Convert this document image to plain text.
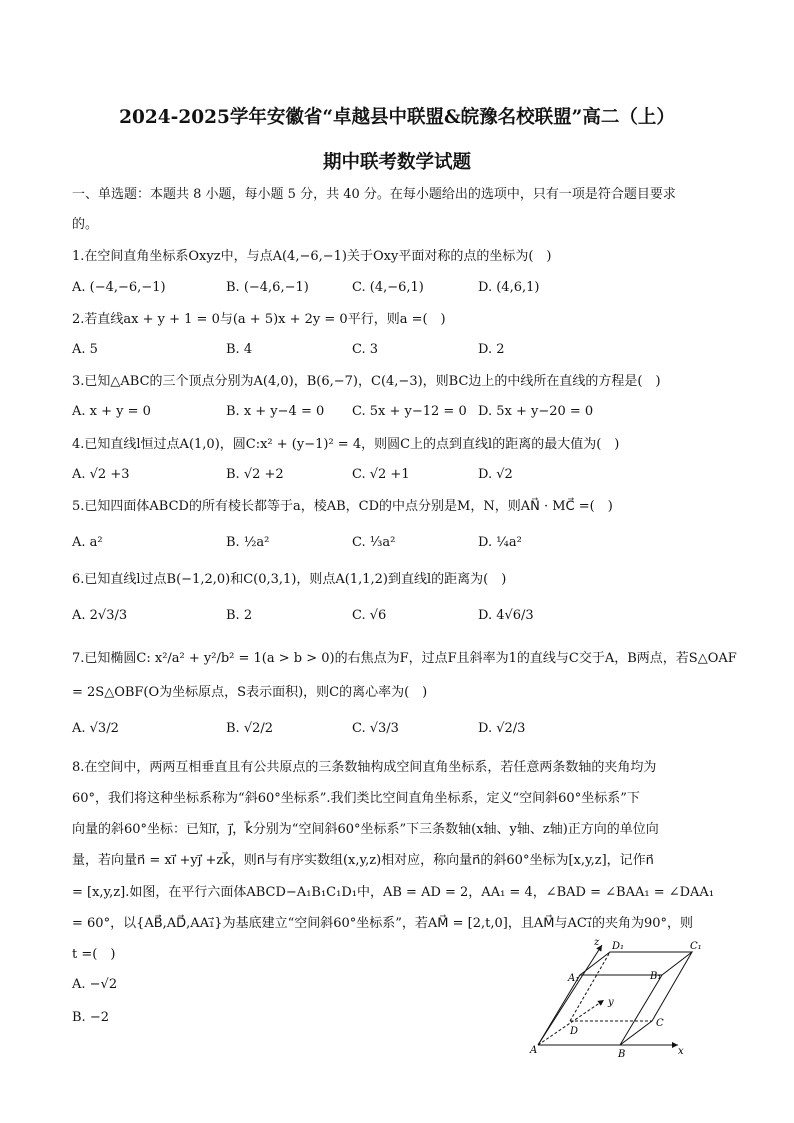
2024-2025学年安徽省“卓越县中联盟&皖豫名校联盟”高二（上）
期中联考数学试题
一、单选题：本题共 8 小题，每小题 5 分，共 40 分。在每小题给出的选项中，只有一项是符合题目要求
的。
1.在空间直角坐标系Oxyz中，与点A(4,−6,−1)关于Oxy平面对称的点的坐标为(　)
A. (−4,−6,−1)	B. (−4,6,−1)	C. (4,−6,1)	D. (4,6,1)
2.若直线ax + y + 1 = 0与(a + 5)x + 2y = 0平行，则a =(　)
A. 5	B. 4	C. 3	D. 2
3.已知△ABC的三个顶点分别为A(4,0)，B(6,−7)，C(4,−3)，则BC边上的中线所在直线的方程是(　)
A. x + y = 0	B. x + y−4 = 0 C. 5x + y−12 = 0 D. 5x + y−20 = 0
4.已知直线l恒过点A(1,0)，圆C:x² + (y−1)² = 4，则圆C上的点到直线l的距离的最大值为(　)
A. √2 +3	B. √2 +2	C. √2 +1	D. √2
5.已知四面体ABCD的所有棱长都等于a，棱AB，CD的中点分别是M，N，则AN⃗ · MC⃗ =(　)
A. a²	B. ½a²	C. ⅓a²	D. ¼a²
6.已知直线l过点B(−1,2,0)和C(0,3,1)，则点A(1,1,2)到直线l的距离为(　)
A. 2√3/3	B. 2	C. √6	D. 4√6/3
7.已知椭圆C: x²/a² + y²/b² = 1(a > b > 0)的右焦点为F，过点F且斜率为1的直线与C交于A，B两点，若S△OAF
= 2S△OBF(O为坐标原点，S表示面积)，则C的离心率为(　)
A. √3/2	B. √2/2	C. √3/3	D. √2/3
8.在空间中，两两互相垂直且有公共原点的三条数轴构成空间直角坐标系，若任意两条数轴的夹角均为
60°，我们将这种坐标系称为“斜60°坐标系”.我们类比空间直角坐标系，定义“空间斜60°坐标系”下
向量的斜60°坐标：已知i⃗，j⃗，k⃗分别为“空间斜60°坐标系”下三条数轴(x轴、y轴、z轴)正方向的单位向
量，若向量n⃗ = xi⃗ +yj⃗ +zk⃗，则n⃗与有序实数组(x,y,z)相对应，称向量n⃗的斜60°坐标为[x,y,z]，记作n⃗
= [x,y,z].如图，在平行六面体ABCD−A₁B₁C₁D₁中，AB = AD = 2，AA₁ = 4，∠BAD = ∠BAA₁ = ∠DAA₁
= 60°，以{AB⃗,AD⃗,AA₁⃗}为基底建立“空间斜60°坐标系”，若AM⃗ = [2,t,0]，且AM⃗与AC₁⃗的夹角为90°，则
t =(　)
A. −√2
B. −2
z D₁	C₁
A₁	B₁
y
D
C
A	B	x
